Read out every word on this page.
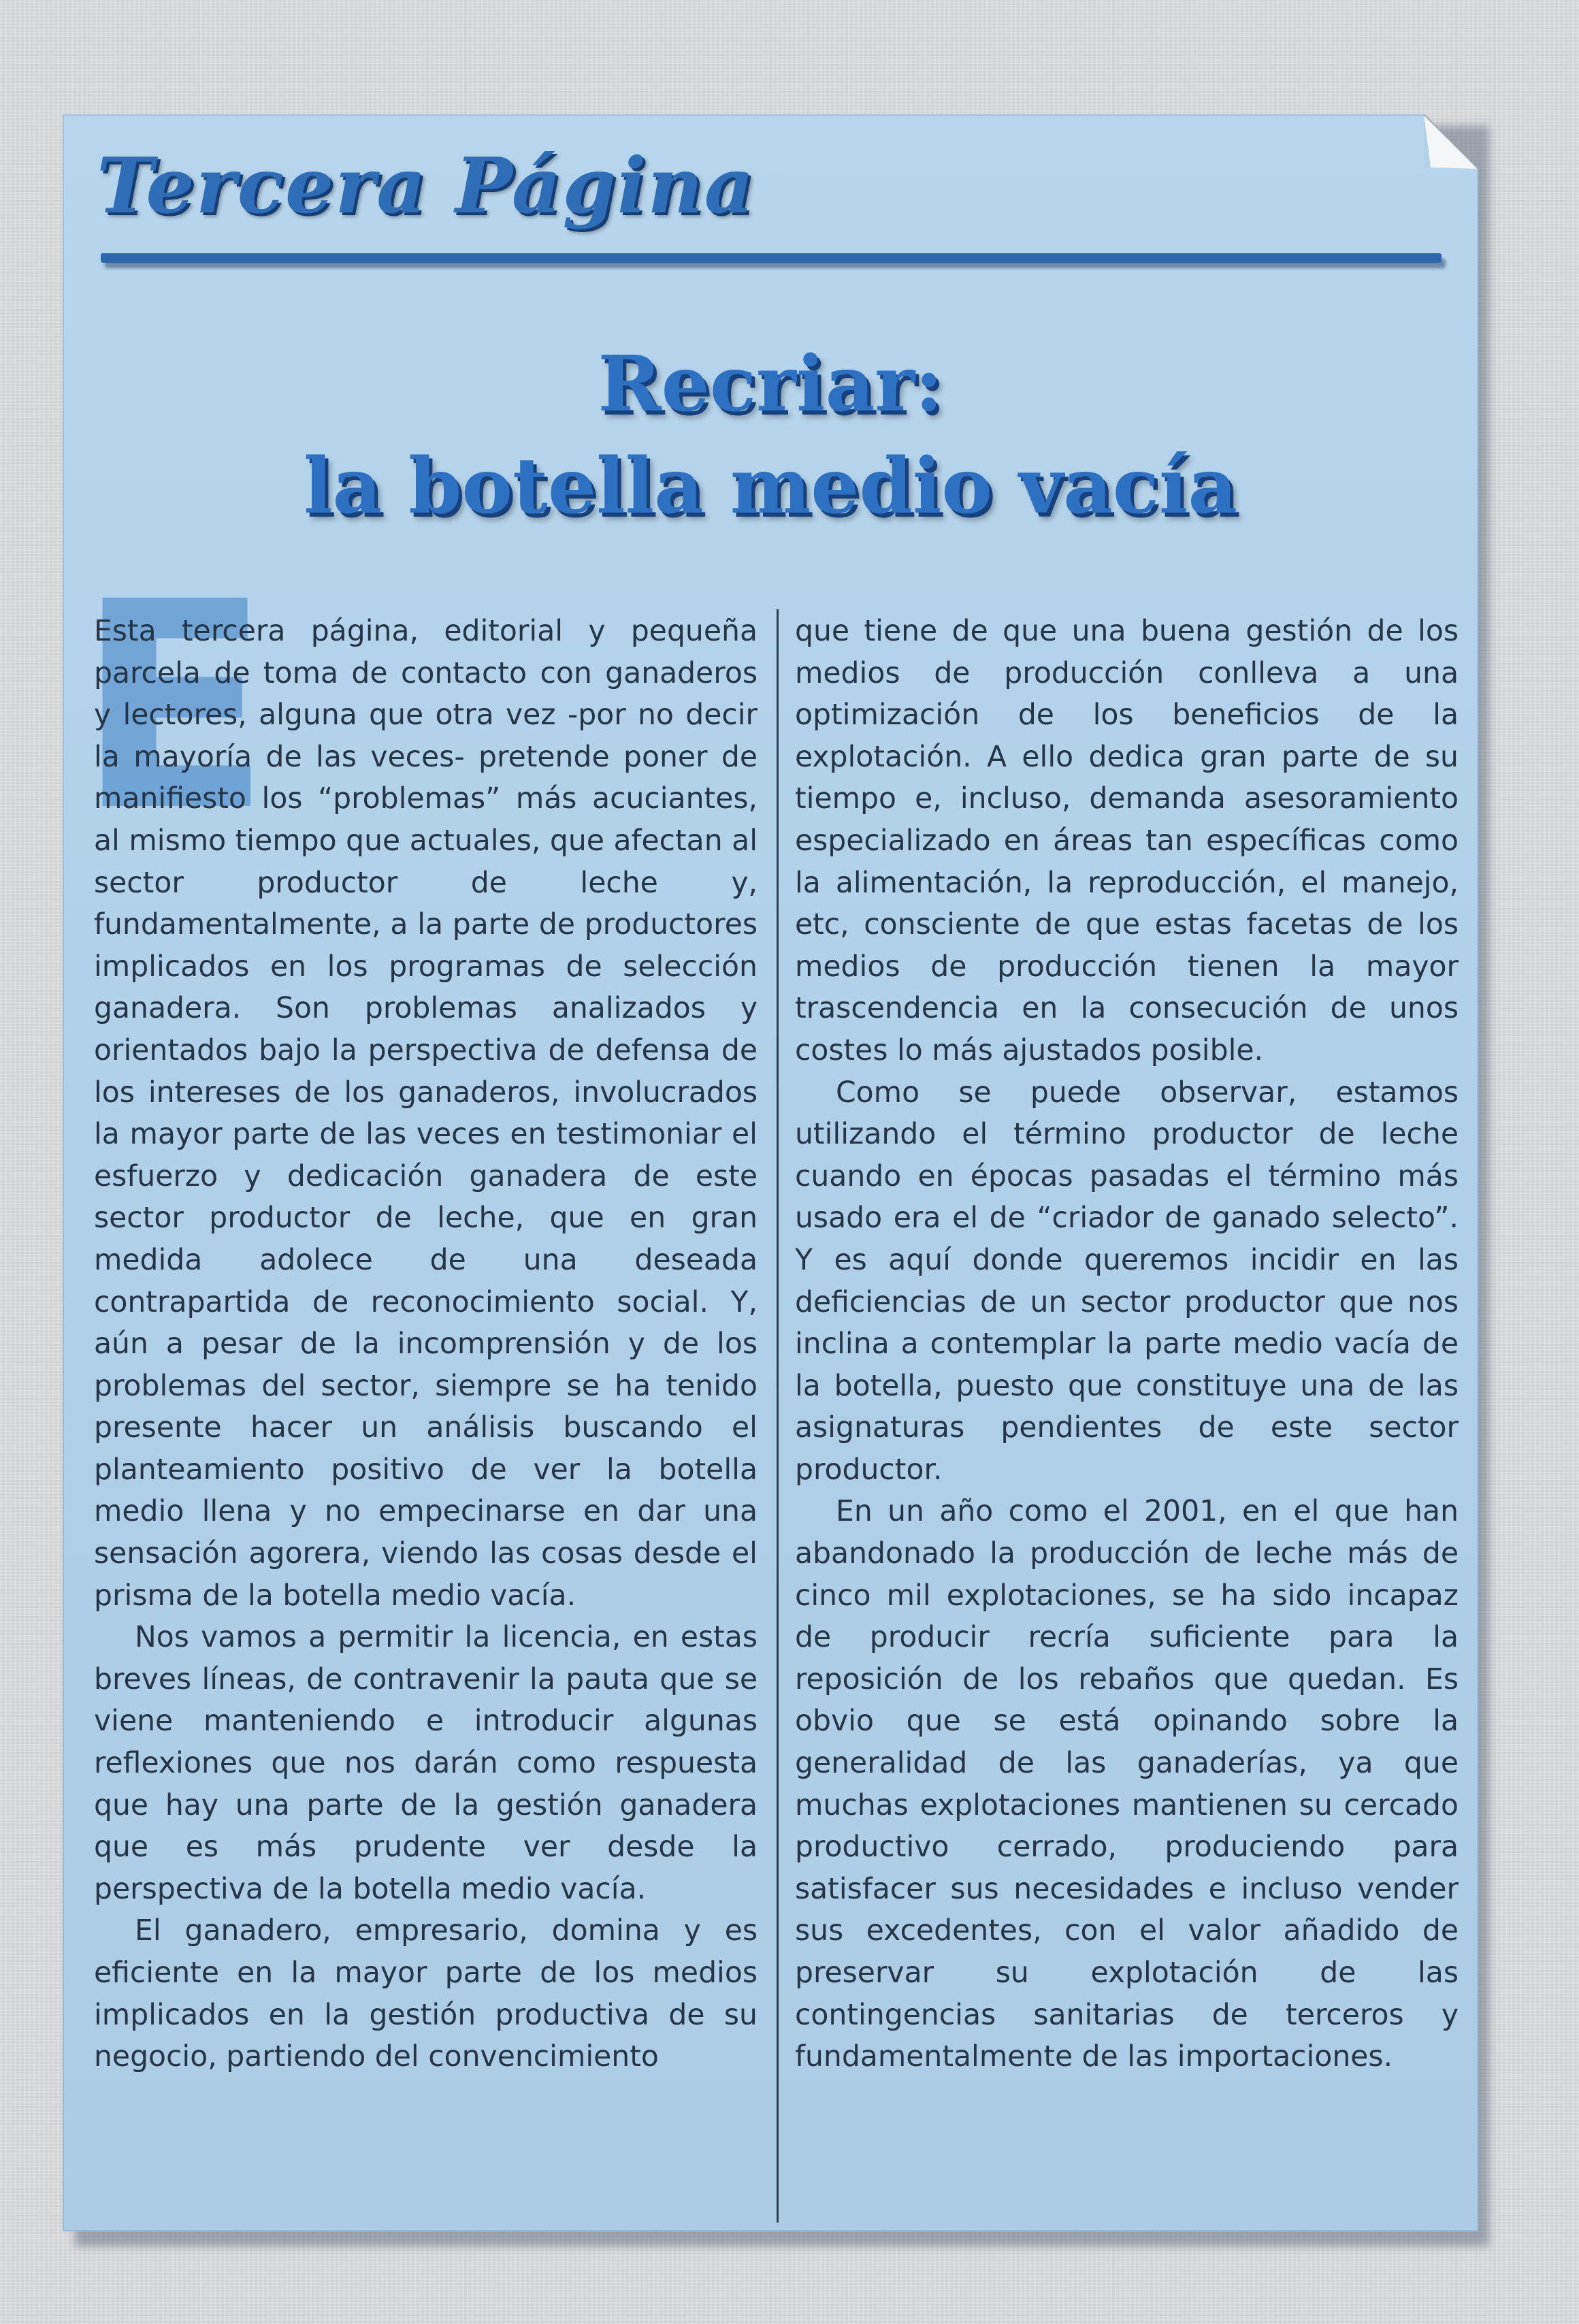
Tercera Página
Recriar:
la botella medio vacía
E

Esta tercera página, editorial y pequeña parcela de toma de contacto con ganaderos y lectores, alguna que otra vez -por no decir la mayoría de las veces- pretende poner de manifiesto los “problemas” más acuciantes, al mismo tiempo que actuales, que afectan al sector productor de leche y, fundamentalmente, a la parte de productores implicados en los programas de selección ganadera. Son problemas analizados y orientados bajo la perspectiva de defensa de los intereses de los ganaderos, involucrados la mayor parte de las veces en testimoniar el esfuerzo y dedicación ganadera de este sector productor de leche, que en gran medida adolece de una deseada contrapartida de reconocimiento social. Y, aún a pesar de la incomprensión y de los problemas del sector, siempre se ha tenido presente hacer un análisis buscando el planteamiento positivo de ver la botella medio llena y no empecinarse en dar una sensación agorera, viendo las cosas desde el prisma de la botella medio vacía.

Nos vamos a permitir la licencia, en estas breves líneas, de contravenir la pauta que se viene manteniendo e introducir algunas reflexiones que nos darán como respuesta que hay una parte de la gestión ganadera que es más prudente ver desde la perspectiva de la botella medio vacía.

El ganadero, empresario, domina y es eficiente en la mayor parte de los medios implicados en la gestión productiva de su negocio, partiendo del convencimiento

que tiene de que una buena gestión de los medios de producción conlleva a una optimización de los beneficios de la explotación. A ello dedica gran parte de su tiempo e, incluso, demanda asesoramiento especializado en áreas tan específicas como la alimentación, la reproducción, el manejo, etc, consciente de que estas facetas de los medios de producción tienen la mayor trascendencia en la consecución de unos costes lo más ajustados posible.

Como se puede observar, estamos utilizando el término productor de leche cuando en épocas pasadas el término más usado era el de “criador de ganado selecto”. Y es aquí donde queremos incidir en las deficiencias de un sector productor que nos inclina a contemplar la parte medio vacía de la botella, puesto que constituye una de las asignaturas pendientes de este sector productor.

En un año como el 2001, en el que han abandonado la producción de leche más de cinco mil explotaciones, se ha sido incapaz de producir recría suficiente para la reposición de los rebaños que quedan. Es obvio que se está opinando sobre la generalidad de las ganaderías, ya que muchas explotaciones mantienen su cercado productivo cerrado, produciendo para satisfacer sus necesidades e incluso vender sus excedentes, con el valor añadido de preservar su explotación de las contingencias sanitarias de terceros y fundamentalmente de las importaciones.
